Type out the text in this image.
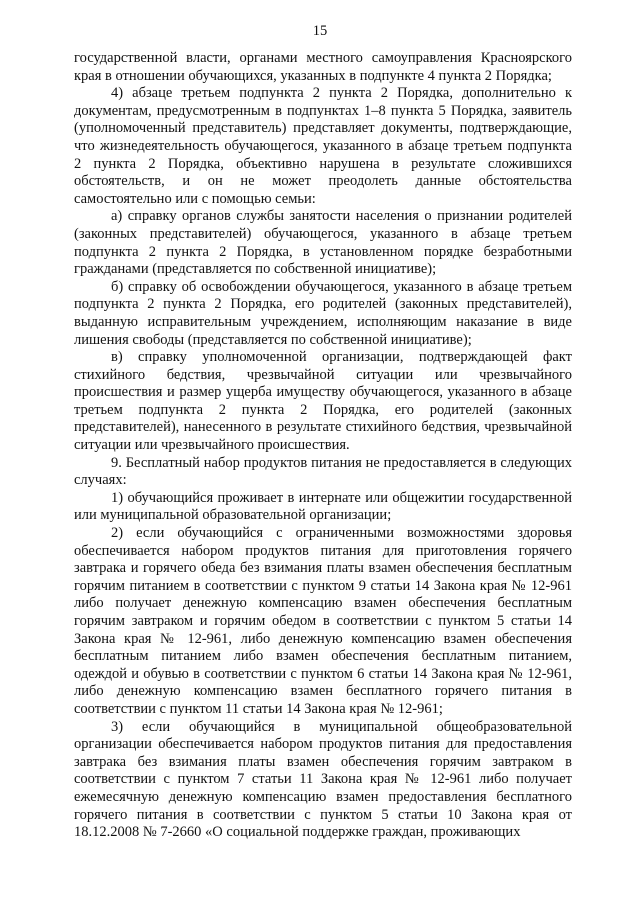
15

государственной власти, органами местного самоуправления Красноярского края в отношении обучающихся, указанных в подпункте 4 пункта 2 Порядка;

4) абзаце третьем подпункта 2 пункта 2 Порядка, дополнительно к документам, предусмотренным в подпунктах 1–8 пункта 5 Порядка, заявитель (уполномоченный представитель) представляет документы, подтверждающие, что жизнедеятельность обучающегося, указанного в абзаце третьем подпункта 2 пункта 2 Порядка, объективно нарушена в результате сложившихся обстоятельств, и он не может преодолеть данные обстоятельства самостоятельно или с помощью семьи:

а) справку органов службы занятости населения о признании родителей (законных представителей) обучающегося, указанного в абзаце третьем подпункта 2 пункта 2 Порядка, в установленном порядке безработными гражданами (представляется по собственной инициативе);

б) справку об освобождении обучающегося, указанного в абзаце третьем подпункта 2 пункта 2 Порядка, его родителей (законных представителей), выданную исправительным учреждением, исполняющим наказание в виде лишения свободы (представляется по собственной инициативе);

в) справку уполномоченной организации, подтверждающей факт стихийного бедствия, чрезвычайной ситуации или чрезвычайного происшествия и размер ущерба имуществу обучающегося, указанного в абзаце третьем подпункта 2 пункта 2 Порядка, его родителей (законных представителей), нанесенного в результате стихийного бедствия, чрезвычайной ситуации или чрезвычайного происшествия.

9. Бесплатный набор продуктов питания не предоставляется в следующих случаях:

1) обучающийся проживает в интернате или общежитии государственной или муниципальной образовательной организации;

2) если обучающийся с ограниченными возможностями здоровья обеспечивается набором продуктов питания для приготовления горячего завтрака и горячего обеда без взимания платы взамен обеспечения бесплатным горячим питанием в соответствии с пунктом 9 статьи 14 Закона края № 12-961 либо получает денежную компенсацию взамен обеспечения бесплатным горячим завтраком и горячим обедом в соответствии с пунктом 5 статьи 14 Закона края № 12-961, либо денежную компенсацию взамен обеспечения бесплатным питанием либо взамен обеспечения бесплатным питанием, одеждой и обувью в соответствии с пунктом 6 статьи 14 Закона края № 12-961, либо денежную компенсацию взамен бесплатного горячего питания в соответствии с пунктом 11 статьи 14 Закона края № 12-961;

3) если обучающийся в муниципальной общеобразовательной организации обеспечивается набором продуктов питания для предоставления завтрака без взимания платы взамен обеспечения горячим завтраком в соответствии с пунктом 7 статьи 11 Закона края № 12-961 либо получает ежемесячную денежную компенсацию взамен предоставления бесплатного горячего питания в соответствии с пунктом 5 статьи 10 Закона края от 18.12.2008 № 7-2660 «О социальной поддержке граждан, проживающих
